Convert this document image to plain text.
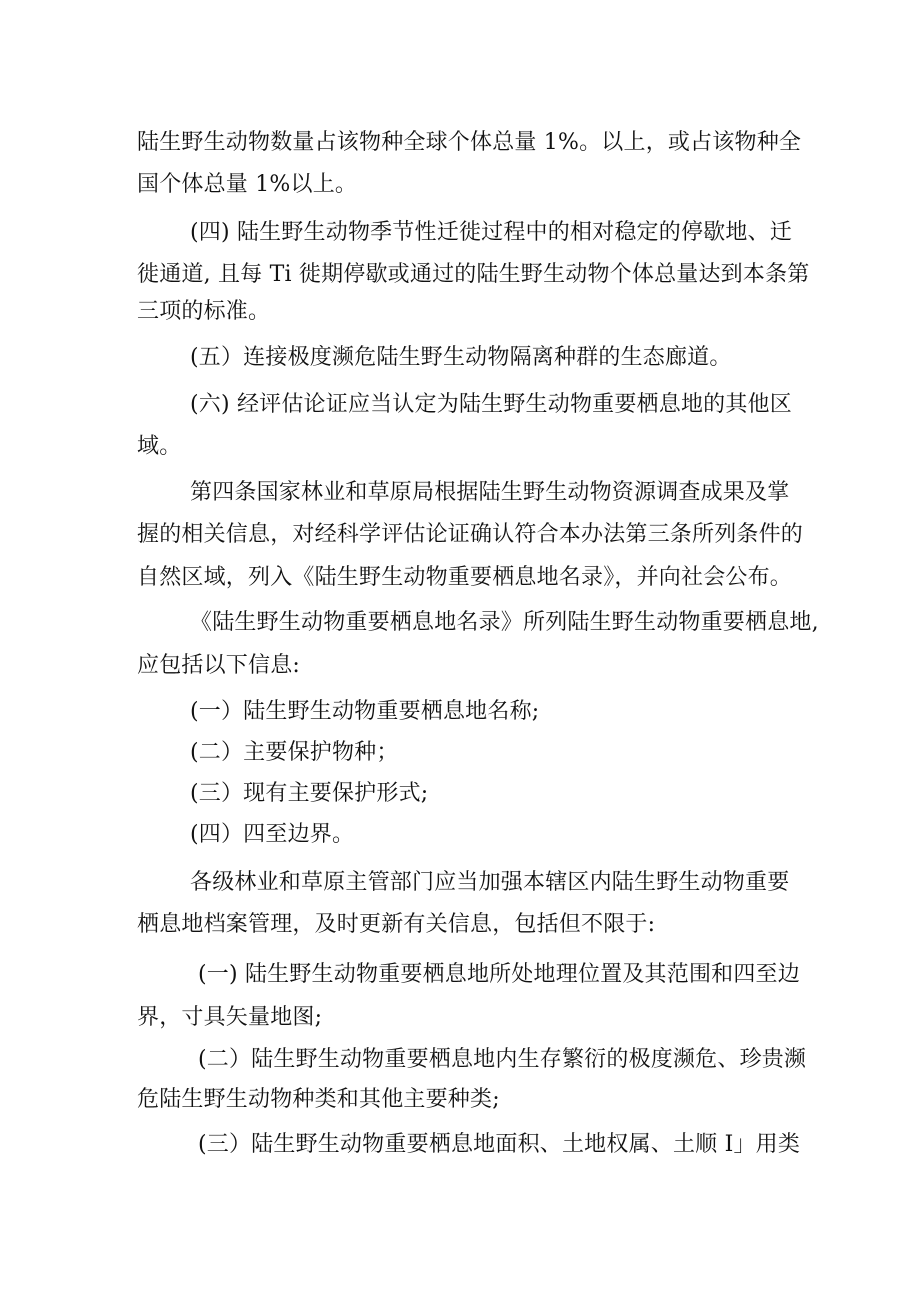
陆生野生动物数量占该物种全球个体总量 1%。以上，或占该物种全
国个体总量 1%以上。
(四) 陆生野生动物季节性迁徙过程中的相对稳定的停歇地、迁
徙通道, 且每 Ti 徙期停歇或通过的陆生野生动物个体总量达到本条第
三项的标准。
(五）连接极度濒危陆生野生动物隔离种群的生态廊道。
(六) 经评估论证应当认定为陆生野生动物重要栖息地的其他区
域。
第四条国家林业和草原局根据陆生野生动物资源调查成果及掌
握的相关信息，对经科学评估论证确认符合本办法第三条所列条件的
自然区域，列入《陆生野生动物重要栖息地名录》，并向社会公布。
《陆生野生动物重要栖息地名录》所列陆生野生动物重要栖息地,
应包括以下信息:
(一）陆生野生动物重要栖息地名称;
(二）主要保护物种；
(三）现有主要保护形式;
(四）四至边界。
各级林业和草原主管部门应当加强本辖区内陆生野生动物重要
栖息地档案管理，及时更新有关信息，包括但不限于:
(一) 陆生野生动物重要栖息地所处地理位置及其范围和四至边
界，寸具矢量地图;
(二）陆生野生动物重要栖息地内生存繁衍的极度濒危、珍贵濒
危陆生野生动物种类和其他主要种类;
(三）陆生野生动物重要栖息地面积、土地权属、土顺 I」用类
